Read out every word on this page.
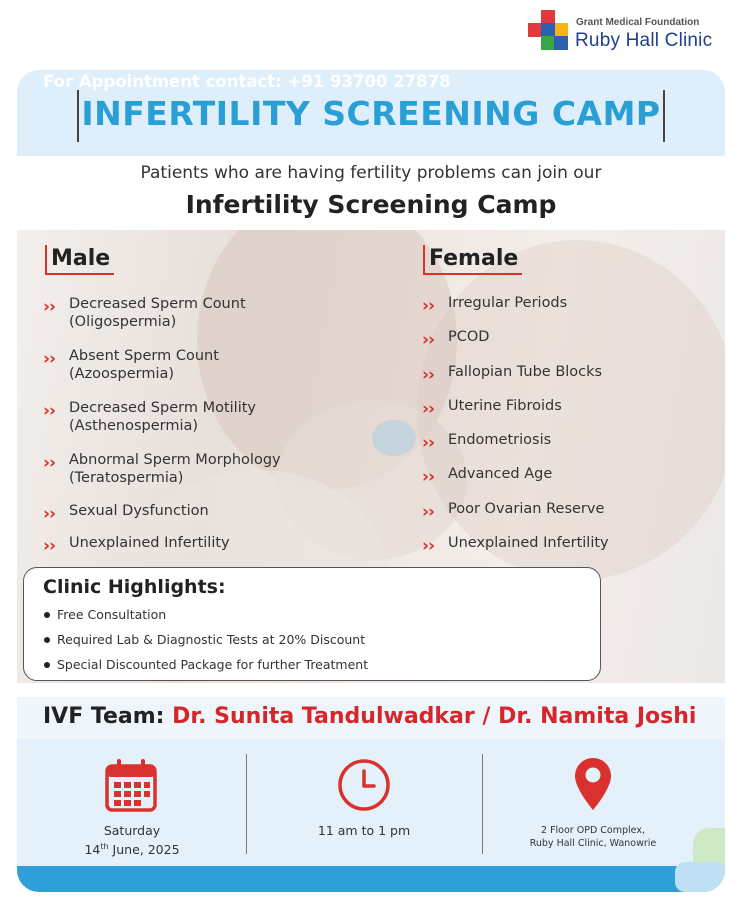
Grant Medical Foundation
Ruby Hall Clinic
INFERTILITY SCREENING CAMP
Patients who are having fertility problems can join our
Infertility Screening Camp
Male
›
› Decreased Sperm Count
(Oligospermia)
›
› Absent Sperm Count
(Azoospermia)
›
› Decreased Sperm Motility
(Asthenospermia)
›
› Abnormal Sperm Morphology
(Teratospermia)
›
› Sexual Dysfunction
›
› Unexplained Infertility
Female
›
› Irregular Periods
›
› PCOD
›
› Fallopian Tube Blocks
›
› Uterine Fibroids
›
› Endometriosis
›
› Advanced Age
›
› Poor Ovarian Reserve
›
› Unexplained Infertility
Clinic Highlights:
Free Consultation
Required Lab & Diagnostic Tests at 20% Discount
Special Discounted Package for further Treatment
IVF Team: Dr. Sunita Tandulwadkar / Dr. Namita Joshi
Saturday
14th June, 2025
11 am to 1 pm	2 Floor OPD Complex,
Ruby Hall Clinic, Wanowrie
For Appointment contact: +91 93700 27878
